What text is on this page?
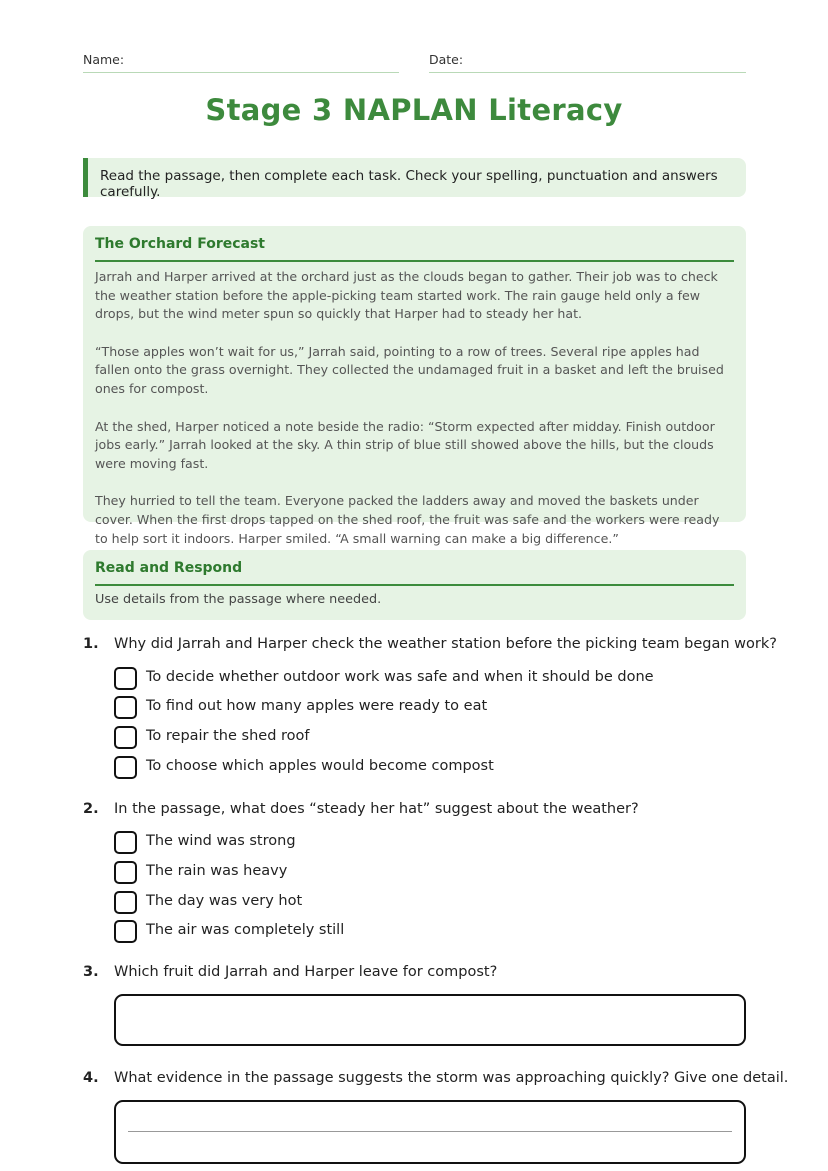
Name:	Date:
Stage 3 NAPLAN Literacy
Read the passage, then complete each task. Check your spelling, punctuation and answers carefully.
The Orchard Forecast

Jarrah and Harper arrived at the orchard just as the clouds began to gather. Their job was to check the weather station before the apple-picking team started work. The rain gauge held only a few drops, but the wind meter spun so quickly that Harper had to steady her hat.

“Those apples won’t wait for us,” Jarrah said, pointing to a row of trees. Several ripe apples had fallen onto the grass overnight. They collected the undamaged fruit in a basket and left the bruised ones for compost.

At the shed, Harper noticed a note beside the radio: “Storm expected after midday. Finish outdoor jobs early.” Jarrah looked at the sky. A thin strip of blue still showed above the hills, but the clouds were moving fast.

They hurried to tell the team. Everyone packed the ladders away and moved the baskets under cover. When the first drops tapped on the shed roof, the fruit was safe and the workers were ready to help sort it indoors. Harper smiled. “A small warning can make a big difference.”

Read and Respond
Use details from the passage where needed.
1. Why did Jarrah and Harper check the weather station before the picking team began work?
To decide whether outdoor work was safe and when it should be done
To find out how many apples were ready to eat
To repair the shed roof
To choose which apples would become compost
2. In the passage, what does “steady her hat” suggest about the weather?
The wind was strong
The rain was heavy
The day was very hot
The air was completely still
3. Which fruit did Jarrah and Harper leave for compost?
4. What evidence in the passage suggests the storm was approaching quickly? Give one detail.
